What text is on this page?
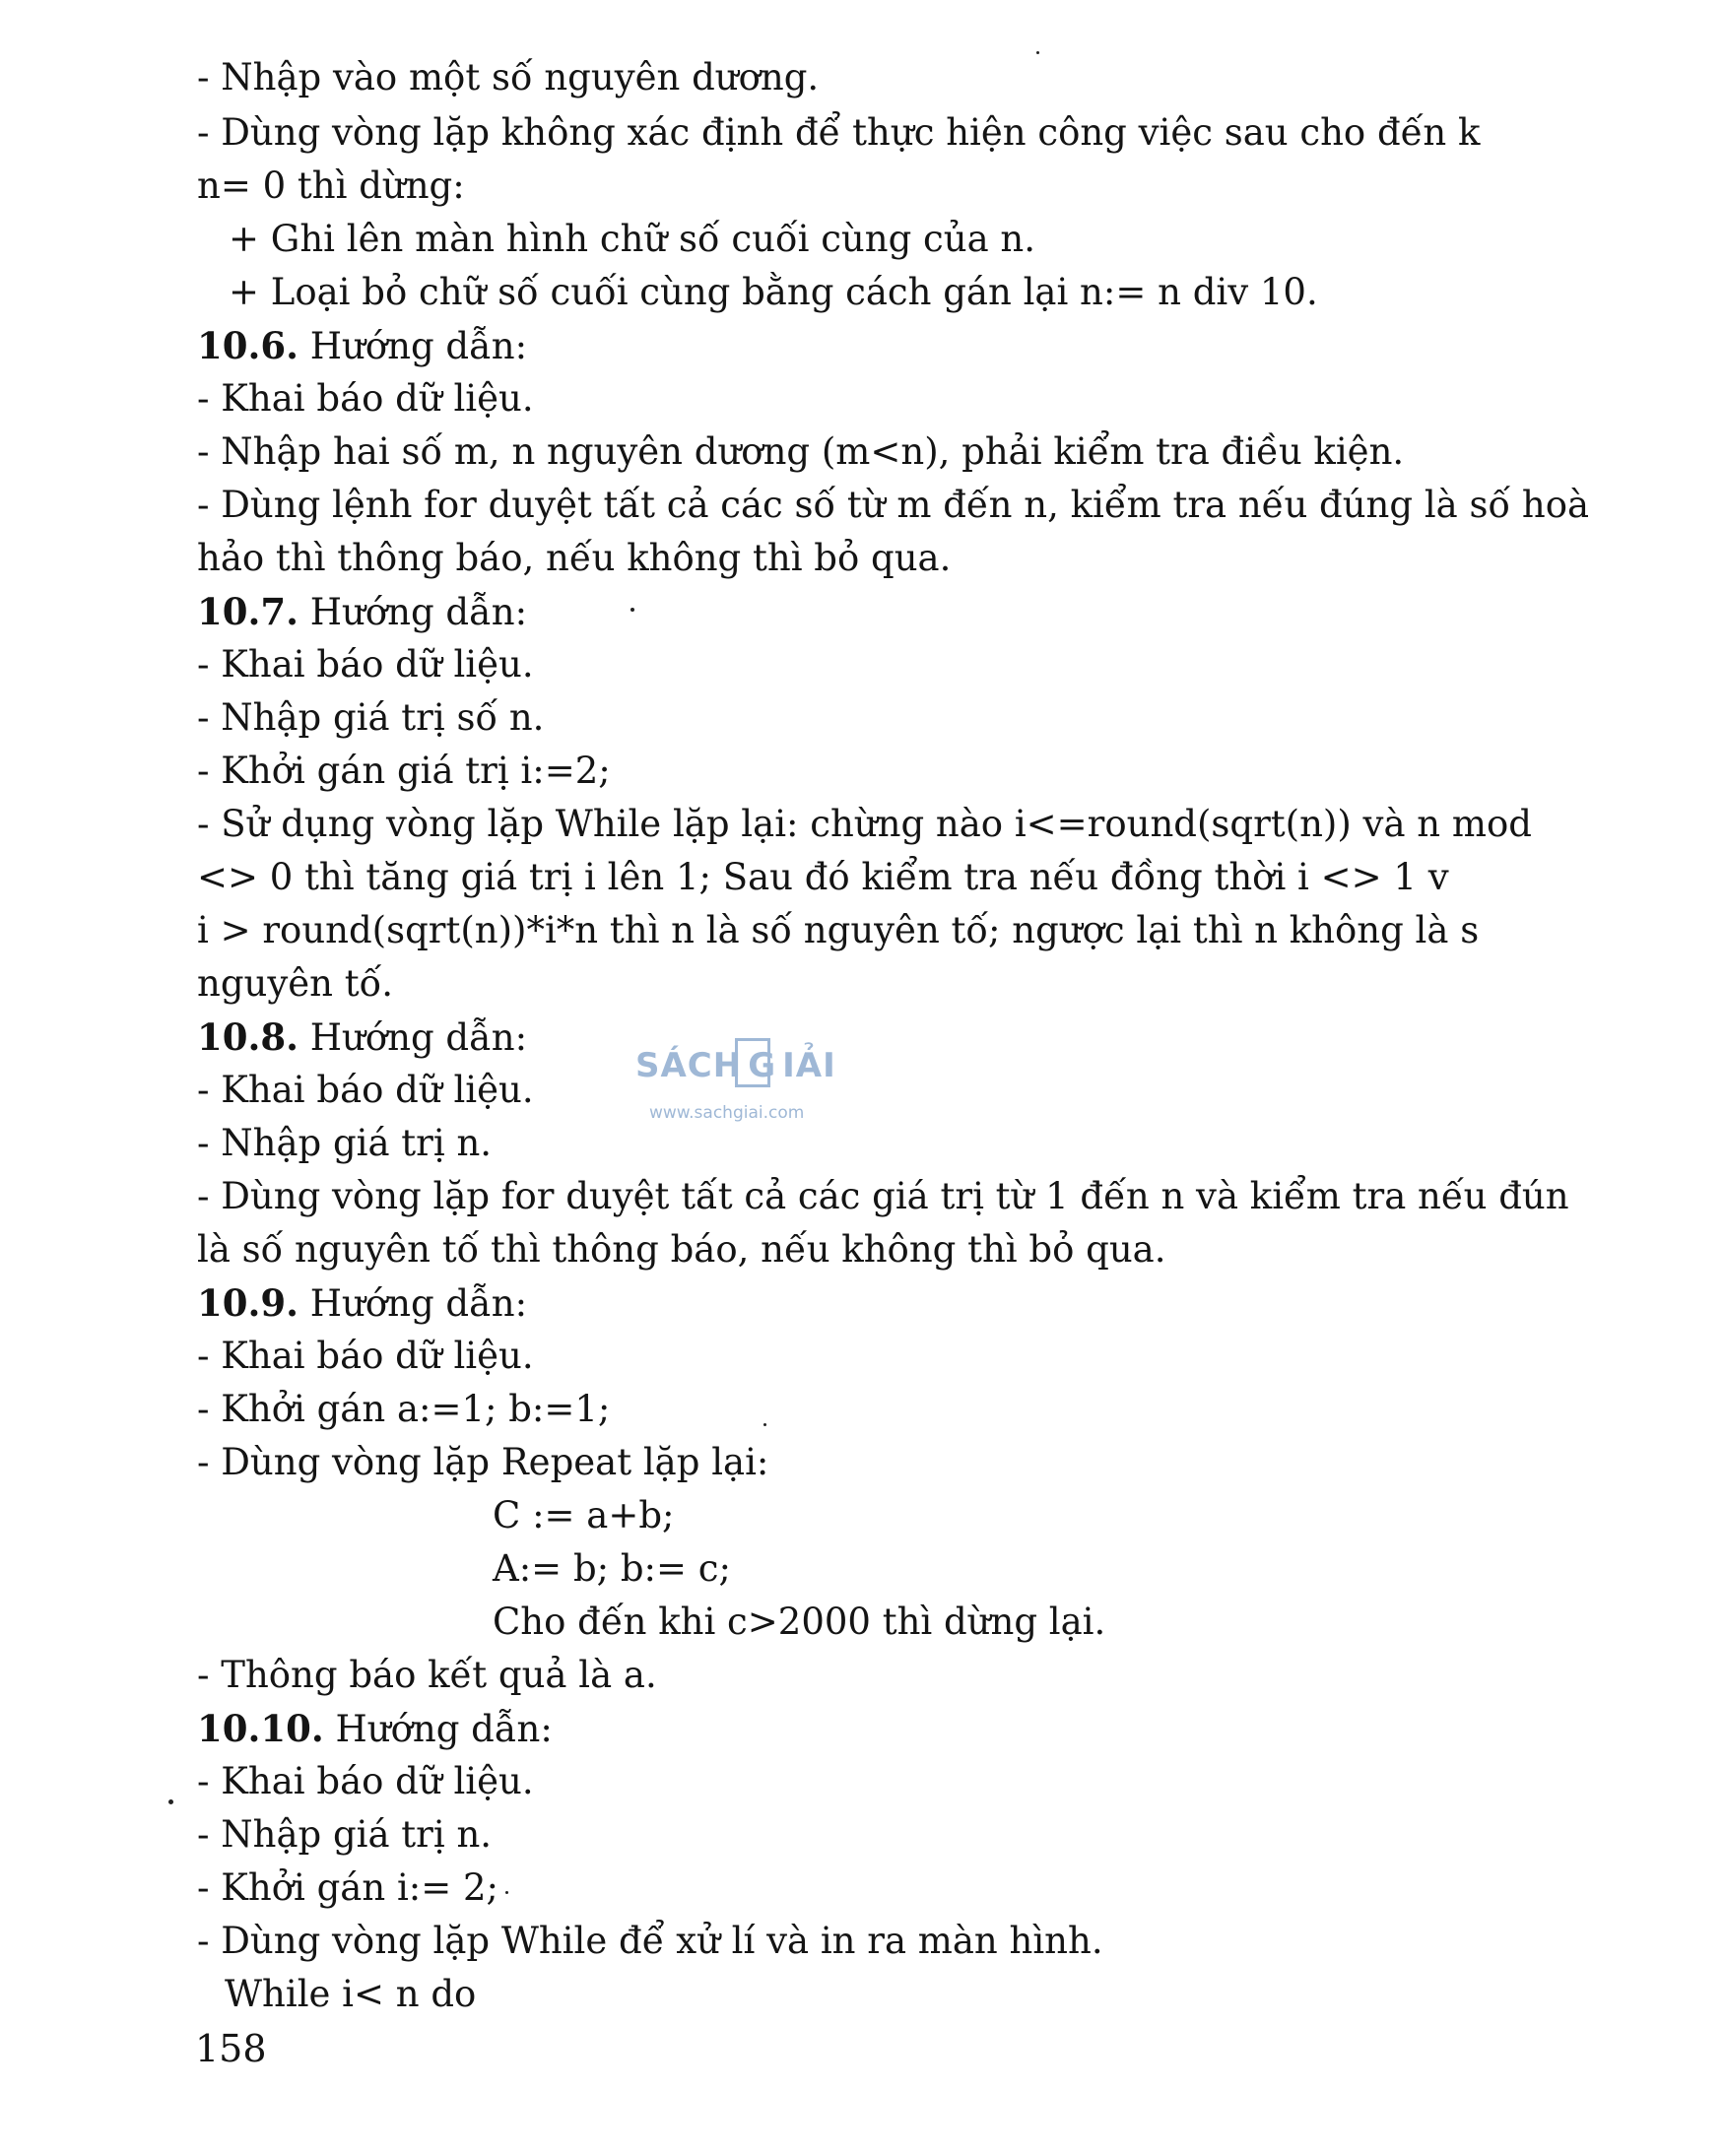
- Nhập vào một số nguyên dương.
- Dùng vòng lặp không xác định để thực hiện công việc sau cho đến k
n= 0 thì dừng:
+ Ghi lên màn hình chữ số cuối cùng của n.
+ Loại bỏ chữ số cuối cùng bằng cách gán lại n:= n div 10.
10.6. Hướng dẫn:
- Khai báo dữ liệu.
- Nhập hai số m, n nguyên dương (m<n), phải kiểm tra điều kiện.
- Dùng lệnh for duyệt tất cả các số từ m đến n, kiểm tra nếu đúng là số hoà
hảo thì thông báo, nếu không thì bỏ qua.
10.7. Hướng dẫn:
- Khai báo dữ liệu.
- Nhập giá trị số n.
- Khởi gán giá trị i:=2;
- Sử dụng vòng lặp While lặp lại: chừng nào i<=round(sqrt(n)) và n mod
<> 0 thì tăng giá trị i lên 1; Sau đó kiểm tra nếu đồng thời i <> 1 v
i > round(sqrt(n))*i*n thì n là số nguyên tố; ngược lại thì n không là s
nguyên tố.
10.8. Hướng dẫn:
- Khai báo dữ liệu.
- Nhập giá trị n.
- Dùng vòng lặp for duyệt tất cả các giá trị từ 1 đến n và kiểm tra nếu đún
là số nguyên tố thì thông báo, nếu không thì bỏ qua.
10.9. Hướng dẫn:
- Khai báo dữ liệu.
- Khởi gán a:=1; b:=1;
- Dùng vòng lặp Repeat lặp lại:
C := a+b;
A:= b; b:= c;
Cho đến khi c>2000 thì dừng lại.
- Thông báo kết quả là a.
10.10. Hướng dẫn:
- Khai báo dữ liệu.
- Nhập giá trị n.
- Khởi gán i:= 2;
- Dùng vòng lặp While để xử lí và in ra màn hình.
While i< n do
158
SÁCH G IẢI
www.sachgiai.com
